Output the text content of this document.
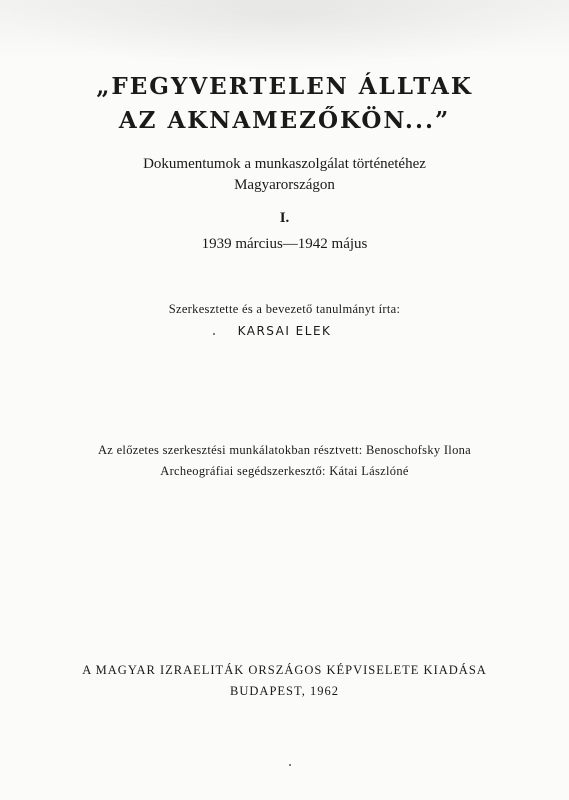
„FEGYVERTELEN ÁLLTAK
AZ AKNAMEZŐKÖN...”
Dokumentumok a munkaszolgálat történetéhez
Magyarországon
I.
1939 március—1942 május
Szerkesztette és a bevezető tanulmányt írta:
KARSAI ELEK
Az előzetes szerkesztési munkálatokban résztvett: Benoschofsky Ilona
Archeográfiai segédszerkesztő: Kátai Lászlóné
A MAGYAR IZRAELITÁK ORSZÁGOS KÉPVISELETE KIADÁSA
BUDAPEST, 1962
